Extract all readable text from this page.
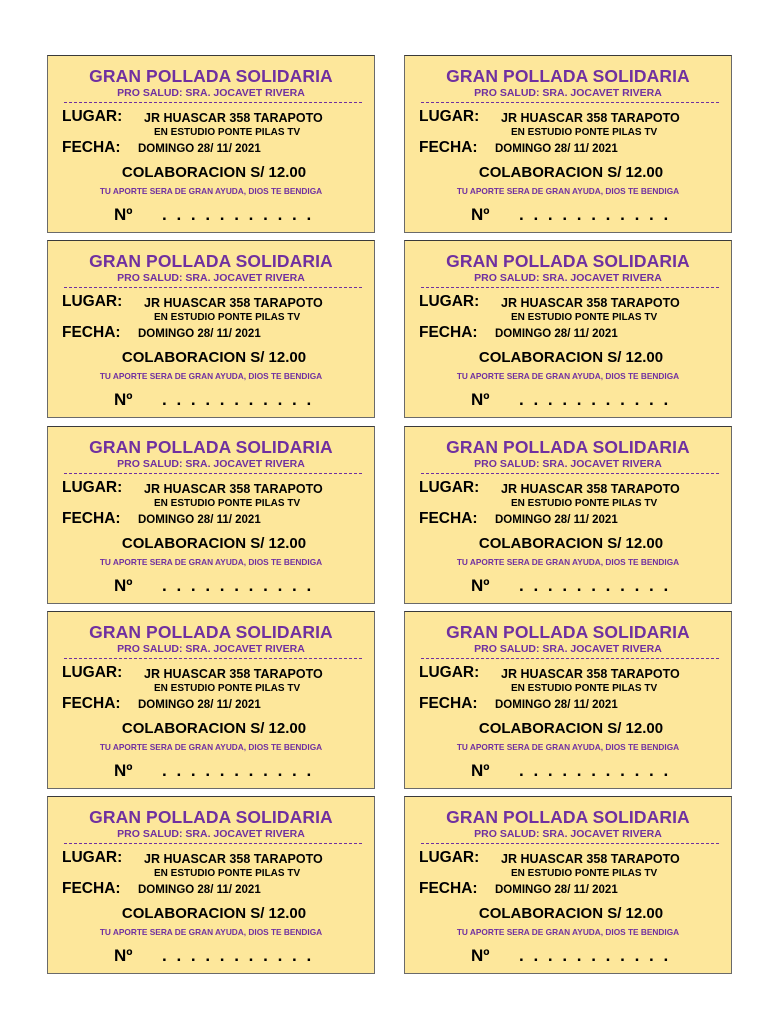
GRAN POLLADA SOLIDARIA
PRO SALUD: SRA. JOCAVET RIVERA
LUGAR: JR HUASCAR 358 TARAPOTO
EN ESTUDIO PONTE PILAS TV
FECHA: DOMINGO 28/ 11/ 2021
COLABORACION S/ 12.00
TU APORTE SERA DE GRAN AYUDA, DIOS TE BENDIGA
Nº . . . . . . . . . . .
GRAN POLLADA SOLIDARIA
PRO SALUD: SRA. JOCAVET RIVERA
LUGAR: JR HUASCAR 358 TARAPOTO
EN ESTUDIO PONTE PILAS TV
FECHA: DOMINGO 28/ 11/ 2021
COLABORACION S/ 12.00
TU APORTE SERA DE GRAN AYUDA, DIOS TE BENDIGA
Nº . . . . . . . . . . .
GRAN POLLADA SOLIDARIA
PRO SALUD: SRA. JOCAVET RIVERA
LUGAR: JR HUASCAR 358 TARAPOTO
EN ESTUDIO PONTE PILAS TV
FECHA: DOMINGO 28/ 11/ 2021
COLABORACION S/ 12.00
TU APORTE SERA DE GRAN AYUDA, DIOS TE BENDIGA
Nº . . . . . . . . . . .
GRAN POLLADA SOLIDARIA
PRO SALUD: SRA. JOCAVET RIVERA
LUGAR: JR HUASCAR 358 TARAPOTO
EN ESTUDIO PONTE PILAS TV
FECHA: DOMINGO 28/ 11/ 2021
COLABORACION S/ 12.00
TU APORTE SERA DE GRAN AYUDA, DIOS TE BENDIGA
Nº . . . . . . . . . . .
GRAN POLLADA SOLIDARIA
PRO SALUD: SRA. JOCAVET RIVERA
LUGAR: JR HUASCAR 358 TARAPOTO
EN ESTUDIO PONTE PILAS TV
FECHA: DOMINGO 28/ 11/ 2021
COLABORACION S/ 12.00
TU APORTE SERA DE GRAN AYUDA, DIOS TE BENDIGA
Nº . . . . . . . . . . .
GRAN POLLADA SOLIDARIA
PRO SALUD: SRA. JOCAVET RIVERA
LUGAR: JR HUASCAR 358 TARAPOTO
EN ESTUDIO PONTE PILAS TV
FECHA: DOMINGO 28/ 11/ 2021
COLABORACION S/ 12.00
TU APORTE SERA DE GRAN AYUDA, DIOS TE BENDIGA
Nº . . . . . . . . . . .
GRAN POLLADA SOLIDARIA
PRO SALUD: SRA. JOCAVET RIVERA
LUGAR: JR HUASCAR 358 TARAPOTO
EN ESTUDIO PONTE PILAS TV
FECHA: DOMINGO 28/ 11/ 2021
COLABORACION S/ 12.00
TU APORTE SERA DE GRAN AYUDA, DIOS TE BENDIGA
Nº . . . . . . . . . . .
GRAN POLLADA SOLIDARIA
PRO SALUD: SRA. JOCAVET RIVERA
LUGAR: JR HUASCAR 358 TARAPOTO
EN ESTUDIO PONTE PILAS TV
FECHA: DOMINGO 28/ 11/ 2021
COLABORACION S/ 12.00
TU APORTE SERA DE GRAN AYUDA, DIOS TE BENDIGA
Nº . . . . . . . . . . .
GRAN POLLADA SOLIDARIA
PRO SALUD: SRA. JOCAVET RIVERA
LUGAR: JR HUASCAR 358 TARAPOTO
EN ESTUDIO PONTE PILAS TV
FECHA: DOMINGO 28/ 11/ 2021
COLABORACION S/ 12.00
TU APORTE SERA DE GRAN AYUDA, DIOS TE BENDIGA
Nº . . . . . . . . . . .
GRAN POLLADA SOLIDARIA
PRO SALUD: SRA. JOCAVET RIVERA
LUGAR: JR HUASCAR 358 TARAPOTO
EN ESTUDIO PONTE PILAS TV
FECHA: DOMINGO 28/ 11/ 2021
COLABORACION S/ 12.00
TU APORTE SERA DE GRAN AYUDA, DIOS TE BENDIGA
Nº . . . . . . . . . . .
